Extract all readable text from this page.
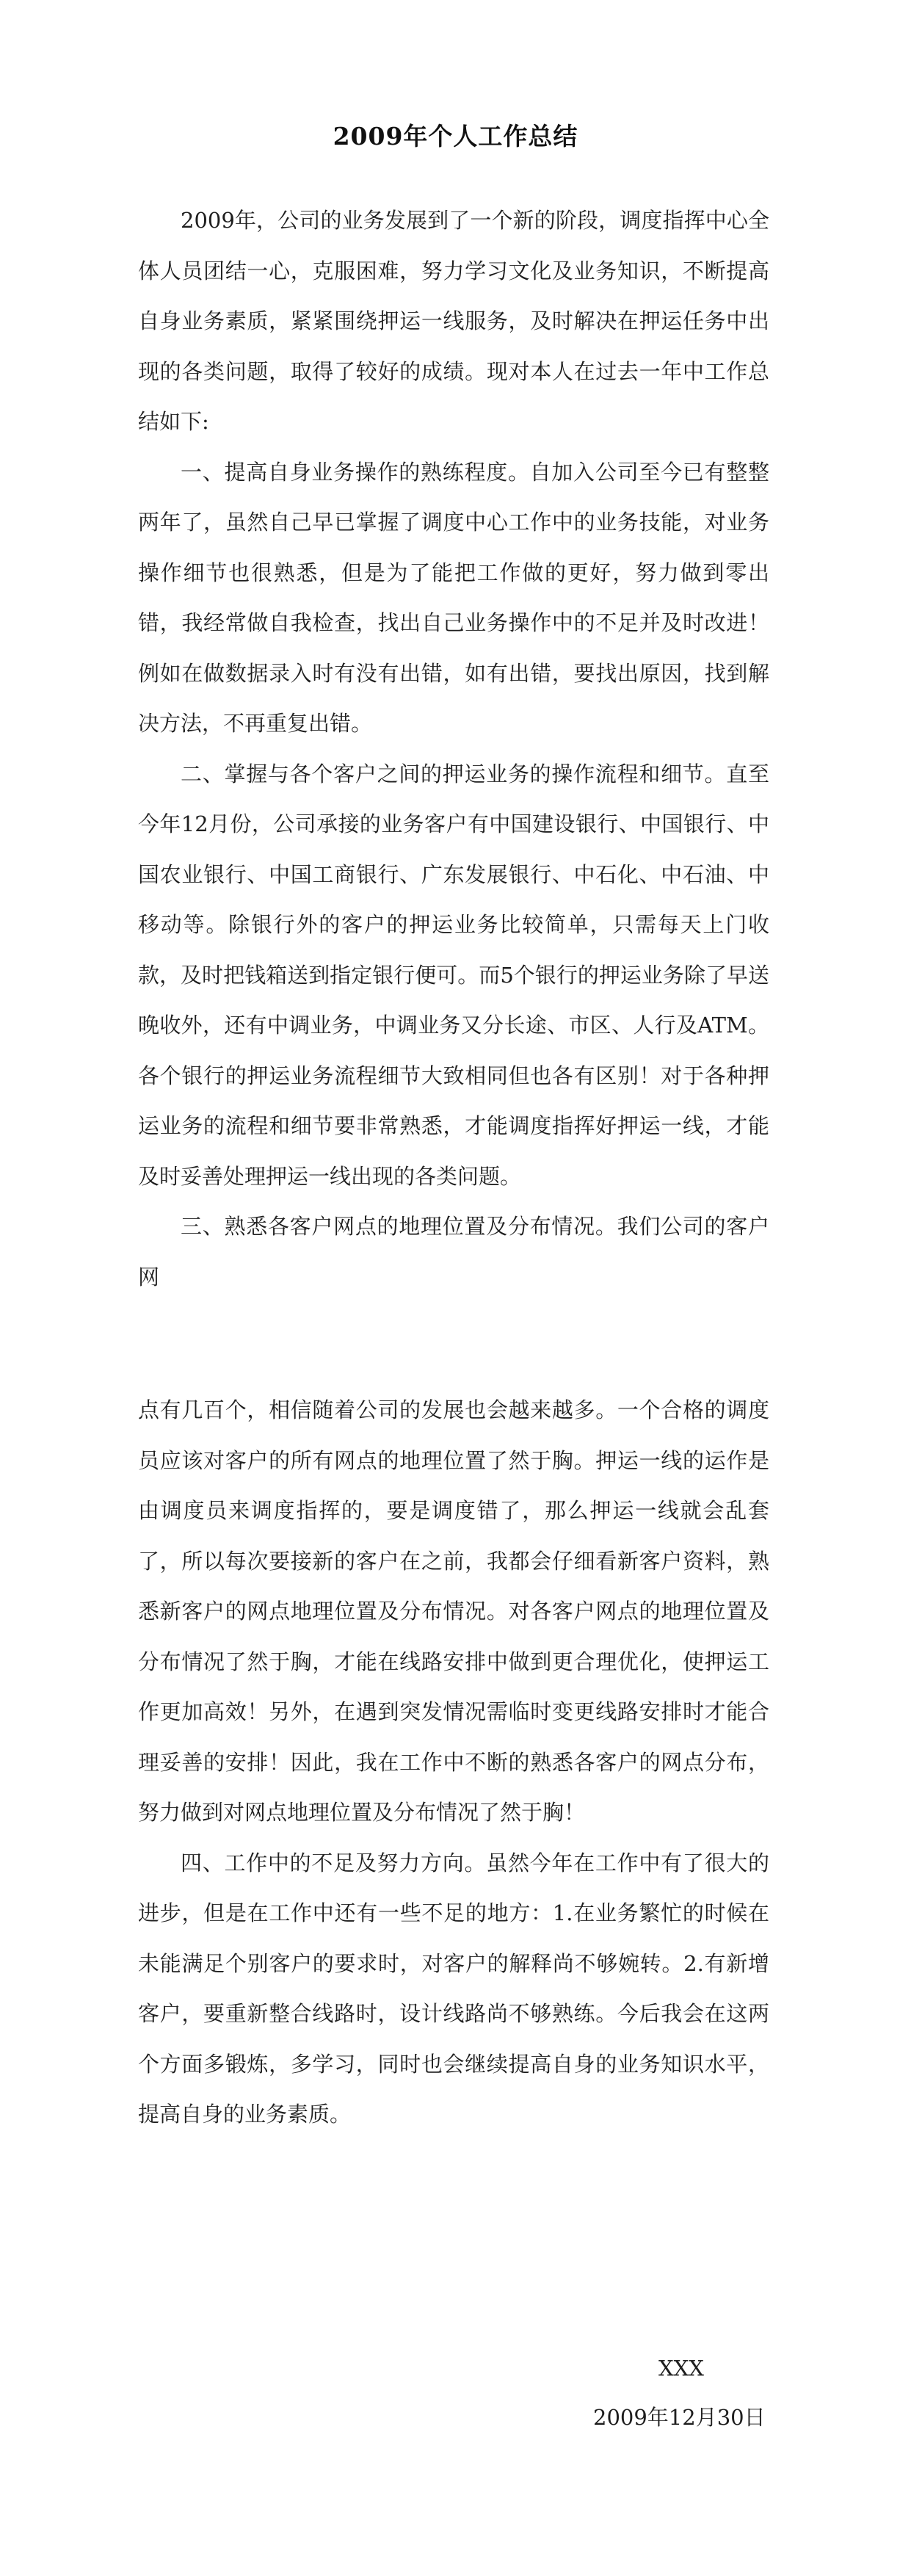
2009年个人工作总结

2009年，公司的业务发展到了一个新的阶段，调度指挥中心全体人员团结一心，克服困难，努力学习文化及业务知识，不断提高自身业务素质，紧紧围绕押运一线服务，及时解决在押运任务中出现的各类问题，取得了较好的成绩。现对本人在过去一年中工作总结如下:

一、提高自身业务操作的熟练程度。自加入公司至今已有整整两年了，虽然自己早已掌握了调度中心工作中的业务技能，对业务操作细节也很熟悉，但是为了能把工作做的更好，努力做到零出错，我经常做自我检查，找出自己业务操作中的不足并及时改进！例如在做数据录入时有没有出错，如有出错，要找出原因，找到解决方法，不再重复出错。

二、掌握与各个客户之间的押运业务的操作流程和细节。直至今年12月份，公司承接的业务客户有中国建设银行、中国银行、中国农业银行、中国工商银行、广东发展银行、中石化、中石油、中移动等。除银行外的客户的押运业务比较简单，只需每天上门收款，及时把钱箱送到指定银行便可。而5个银行的押运业务除了早送晚收外，还有中调业务，中调业务又分长途、市区、人行及ATM。各个银行的押运业务流程细节大致相同但也各有区别！对于各种押运业务的流程和细节要非常熟悉，才能调度指挥好押运一线，才能及时妥善处理押运一线出现的各类问题。

三、熟悉各客户网点的地理位置及分布情况。我们公司的客户网

点有几百个，相信随着公司的发展也会越来越多。一个合格的调度员应该对客户的所有网点的地理位置了然于胸。押运一线的运作是由调度员来调度指挥的，要是调度错了，那么押运一线就会乱套了，所以每次要接新的客户在之前，我都会仔细看新客户资料，熟悉新客户的网点地理位置及分布情况。对各客户网点的地理位置及分布情况了然于胸，才能在线路安排中做到更合理优化，使押运工作更加高效！另外，在遇到突发情况需临时变更线路安排时才能合理妥善的安排！因此，我在工作中不断的熟悉各客户的网点分布，努力做到对网点地理位置及分布情况了然于胸！

四、工作中的不足及努力方向。虽然今年在工作中有了很大的进步，但是在工作中还有一些不足的地方：1.在业务繁忙的时候在未能满足个别客户的要求时，对客户的解释尚不够婉转。2.有新增客户，要重新整合线路时，设计线路尚不够熟练。今后我会在这两个方面多锻炼，多学习，同时也会继续提高自身的业务知识水平，提高自身的业务素质。

XXX
2009年12月30日
